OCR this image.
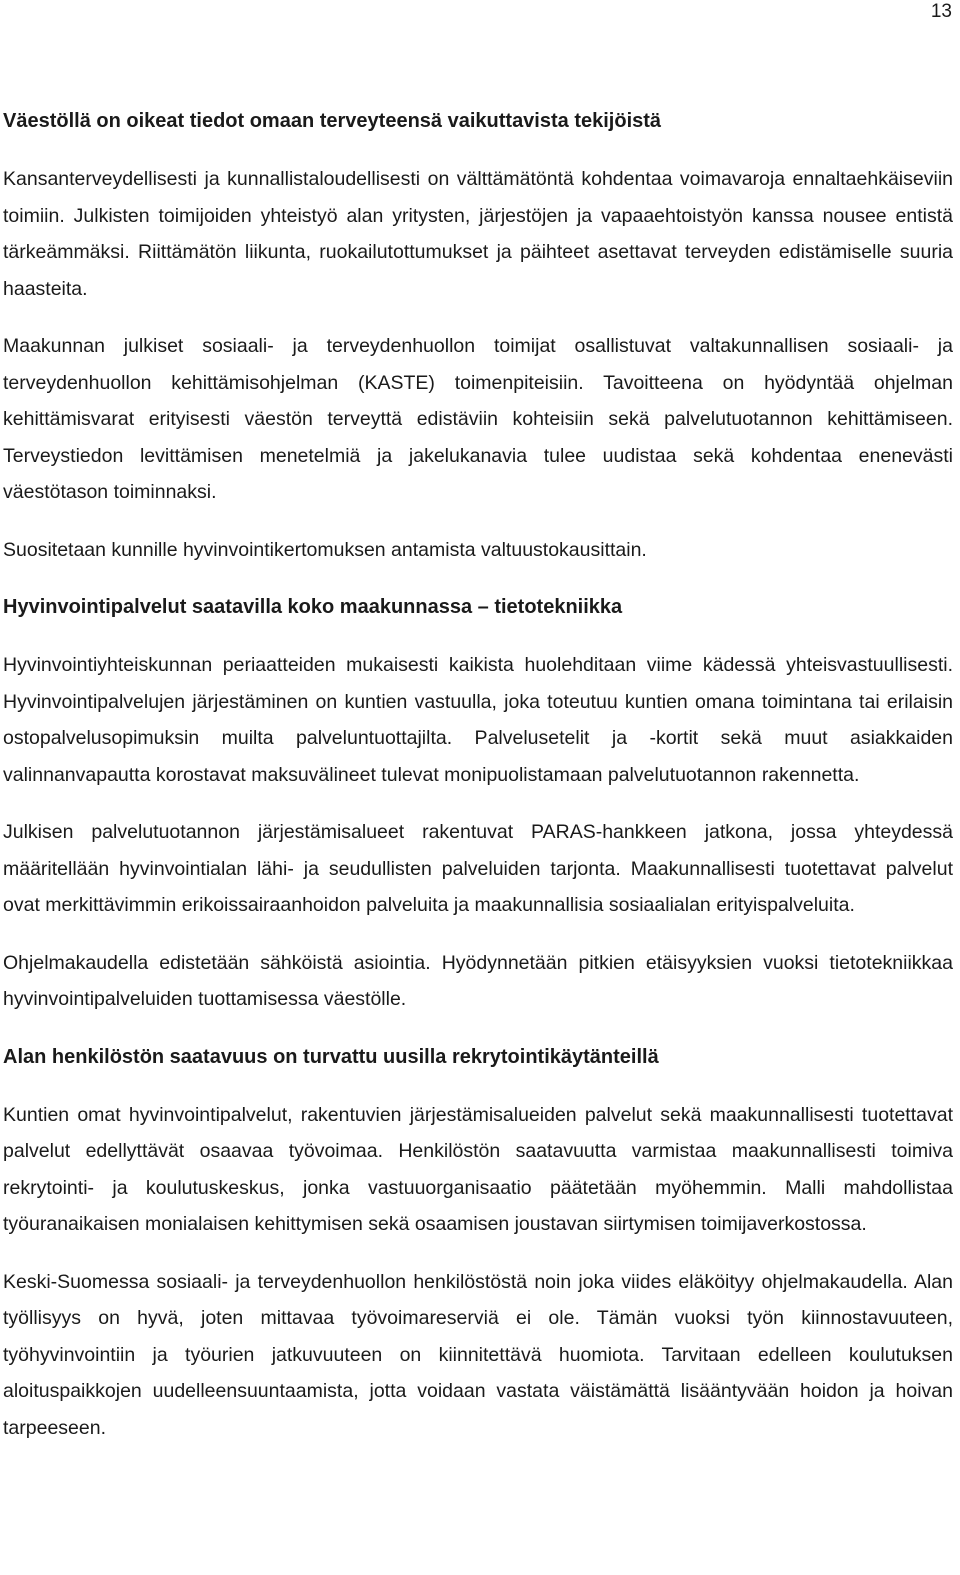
13
Väestöllä on oikeat tiedot omaan terveyteensä vaikuttavista tekijöistä

Kansanterveydellisesti ja kunnallistaloudellisesti on välttämätöntä kohdentaa voimavaroja ennaltaehkäiseviin toimiin. Julkisten toimijoiden yhteistyö alan yritysten, järjestöjen ja vapaaehtoistyön kanssa nousee entistä tärkeämmäksi. Riittämätön liikunta, ruokailutottumukset ja päihteet asettavat terveyden edistämiselle suuria haasteita.

Maakunnan julkiset sosiaali- ja terveydenhuollon toimijat osallistuvat valtakunnallisen sosiaali- ja terveydenhuollon kehittämisohjelman (KASTE) toimenpiteisiin. Tavoitteena on hyödyntää ohjelman kehittämisvarat erityisesti väestön terveyttä edistäviin kohteisiin sekä palvelutuotannon kehittämiseen. Terveystiedon levittämisen menetelmiä ja jakelukanavia tulee uudistaa sekä kohdentaa enenevästi väestötason toiminnaksi.

Suositetaan kunnille hyvinvointikertomuksen antamista valtuustokausittain.

Hyvinvointipalvelut saatavilla koko maakunnassa – tietotekniikka

Hyvinvointiyhteiskunnan periaatteiden mukaisesti kaikista huolehditaan viime kädessä yhteisvastuullisesti. Hyvinvointipalvelujen järjestäminen on kuntien vastuulla, joka toteutuu kuntien omana toimintana tai erilaisin ostopalvelusopimuksin muilta palveluntuottajilta. Palvelusetelit ja -kortit sekä muut asiakkaiden valinnanvapautta korostavat maksuvälineet tulevat monipuolistamaan palvelutuotannon rakennetta.

Julkisen palvelutuotannon järjestämisalueet rakentuvat PARAS-hankkeen jatkona, jossa yhteydessä määritellään hyvinvointialan lähi- ja seudullisten palveluiden tarjonta. Maakunnallisesti tuotettavat palvelut ovat merkittävimmin erikoissairaanhoidon palveluita ja maakunnallisia sosiaalialan erityispalveluita.

Ohjelmakaudella edistetään sähköistä asiointia. Hyödynnetään pitkien etäisyyksien vuoksi tietotekniikkaa hyvinvointipalveluiden tuottamisessa väestölle.

Alan henkilöstön saatavuus on turvattu uusilla rekrytointikäytänteillä

Kuntien omat hyvinvointipalvelut, rakentuvien järjestämisalueiden palvelut sekä maakunnallisesti tuotettavat palvelut edellyttävät osaavaa työvoimaa. Henkilöstön saatavuutta varmistaa maakunnallisesti toimiva rekrytointi- ja koulutuskeskus, jonka vastuuorganisaatio päätetään myöhemmin. Malli mahdollistaa työuranaikaisen monialaisen kehittymisen sekä osaamisen joustavan siirtymisen toimijaverkostossa.

Keski-Suomessa sosiaali- ja terveydenhuollon henkilöstöstä noin joka viides eläköityy ohjelmakaudella. Alan työllisyys on hyvä, joten mittavaa työvoimareserviä ei ole. Tämän vuoksi työn kiinnostavuuteen, työhyvinvointiin ja työurien jatkuvuuteen on kiinnitettävä huomiota. Tarvitaan edelleen koulutuksen aloituspaikkojen uudelleensuuntaamista, jotta voidaan vastata väistämättä lisääntyvään hoidon ja hoivan tarpeeseen.
